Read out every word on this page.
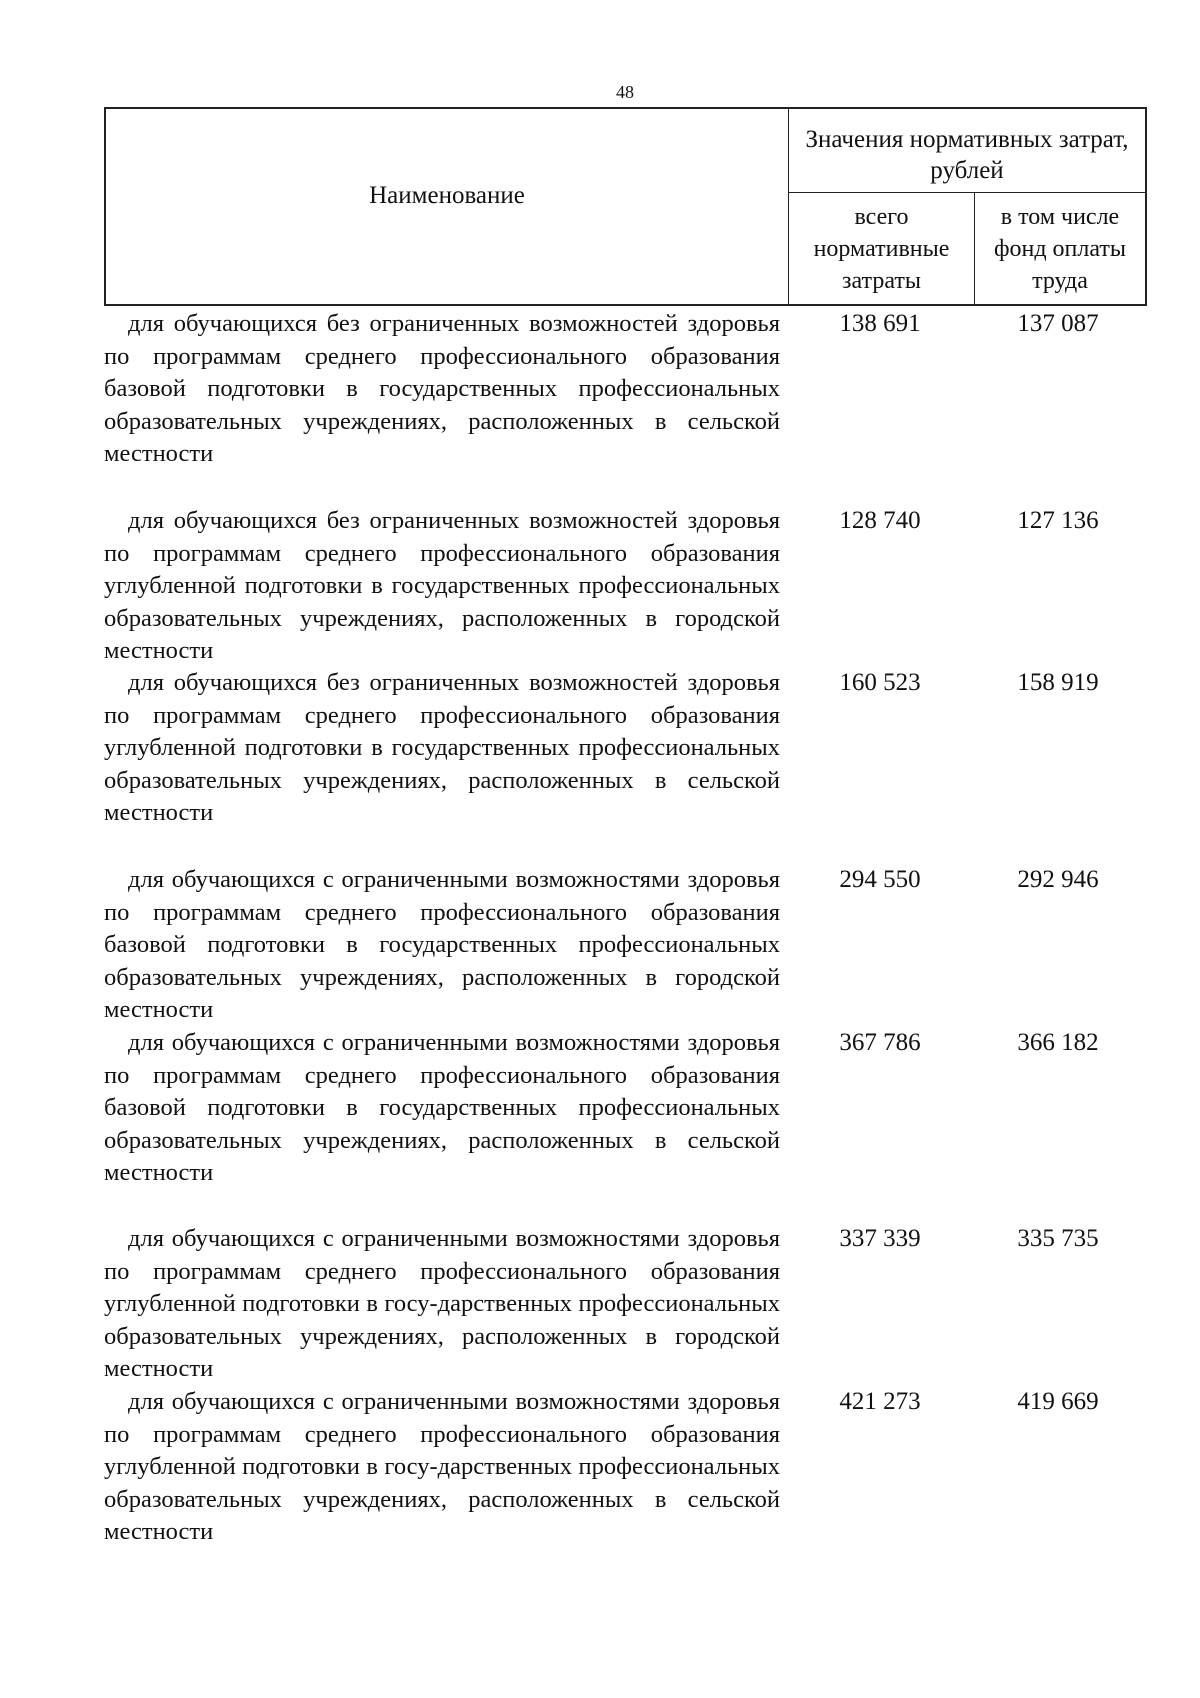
48
Наименование
Значения нормативных затрат, рублей
всего нормативные затраты
в том числе фонд оплаты труда
для обучающихся без ограниченных возможностей здоровья по программам среднего профессионального образования базовой подготовки в государственных профессиональных образовательных учреждениях, расположенных в сельской местности
138 691	137 087
для обучающихся без ограниченных возможностей здоровья по программам среднего профессионального образования углубленной подготовки в государственных профессиональных образовательных учреждениях, расположенных в городской местности
128 740	127 136
для обучающихся без ограниченных возможностей здоровья по программам среднего профессионального образования углубленной подготовки в государственных профессиональных образовательных учреждениях, расположенных в сельской местности
160 523	158 919
для обучающихся с ограниченными возможностями здоровья по программам среднего профессионального образования базовой подготовки в государственных профессиональных образовательных учреждениях, расположенных в городской местности
294 550	292 946
для обучающихся с ограниченными возможностями здоровья по программам среднего профессионального образования базовой подготовки в государственных профессиональных образовательных учреждениях, расположенных в сельской местности
367 786	366 182
для обучающихся с ограниченными возможностями здоровья по программам среднего профессионального образования углубленной подготовки в госу-дарственных профессиональных образовательных учреждениях, расположенных в городской местности
337 339	335 735
для обучающихся с ограниченными возможностями здоровья по программам среднего профессионального образования углубленной подготовки в госу-дарственных профессиональных образовательных учреждениях, расположенных в сельской местности
421 273	419 669
